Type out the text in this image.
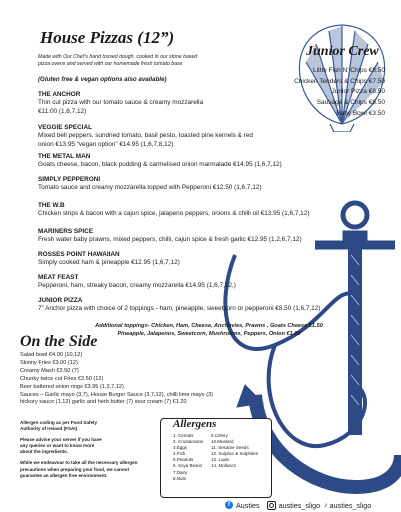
House Pizzas (12”)
Made with Our Chef’s hand tossed dough, cooked in our stone based
pizza ovens and served with our homemade fresh tomato base
(Gluten free & vegan options also available)
THE ANCHOR
Thin cut pizza with our tomato sauce & creamy mozzarella
€11.00 (1,6,7,12)
VEGGIE SPECIAL
Mixed bell peppers, sundried tomato, basil pesto, toasted pine kernels & red
onion €13.95 “vegan option” €14.95 (1,6,7,8,12)
THE METAL MAN
Goats cheese, bacon, black pudding & carmelised onion marmalade €14.95 (1,6,7,12)
SIMPLY PEPPERONI
Tomato sauce and creamy mozzarella topped with Pepperoni €12.50 (1,6,7,12)
THE W.B
Chicken strips & bacon with a cajun spice, jalapeno peppers, onions & chilli oil €13.95 (1,6,7,12)
MARINERS SPICE
Fresh water baby prawns, mixed peppers, chilli, cajun spice & fresh garlic €12.95 (1,2,6,7,12)
ROSSES POINT HAWAIIAN
Simply cooked ham & pineapple €12.95 (1,6,7,12)
MEAT FEAST
Pepperoni, ham, streaky bacon, creamy mozzarella €14.95 (1,6,7,12,)
JUNIOR PIZZA
7” Anchor pizza with choice of 2 toppings - ham, pineapple, sweetcorn or pepperoni €8.50 (1,6,7,12)
Additional toppings- Chicken, Ham, Cheese, Anchovies, Prawns , Goats Cheese €1.50
Pineapple, Jalapenos, Sweetcorn, Mushrooms, Peppers, Onion €1.00
Junior Crew
Little Fish N’ Chips €8.50
Chicken Tenders & Chips €7.50
Junior Pizza €8.50
Sausage & Chips €6.50
Baby Bowl €3.50
On the Side
Salad bowl €4.90 (10,12)
Skinny Fries €3.00 (12)
Creamy Mash €3.50 (7)
Chunky twice cut Fries €3.50 (12)
Beer battered onion rings €3.95 (1,3,7,12)
Sauces – Garlic mayo (3,7), House Burger Sauce (3,7,12), chilli lime mayo (3)
hickory sauce (1,12) garlic and herb butter (7) sour cream (7) €1.20

Allergen coding as per Food Safety
Authority of Ireland (FSAI)

Please advise your server if you have
any queries or want to know more
about the ingredients.

While we endeavour to take all the necessary allergen
precautions when preparing your food, we cannot
guarantee an allergen free environment.

Allergens
1. Cereals
2. Crustaceans
3.Eggs
4.Fish
5.Peanuts
6. Soya Beans
7.Dairy
8.Nuts
9.Celery
10.Mustard
11. Sesame Seeds
12. Sulphur & Sulphites
13. Lupin
14. Molluscs
f Austies	austies_sligo ♪ austies_sligo
